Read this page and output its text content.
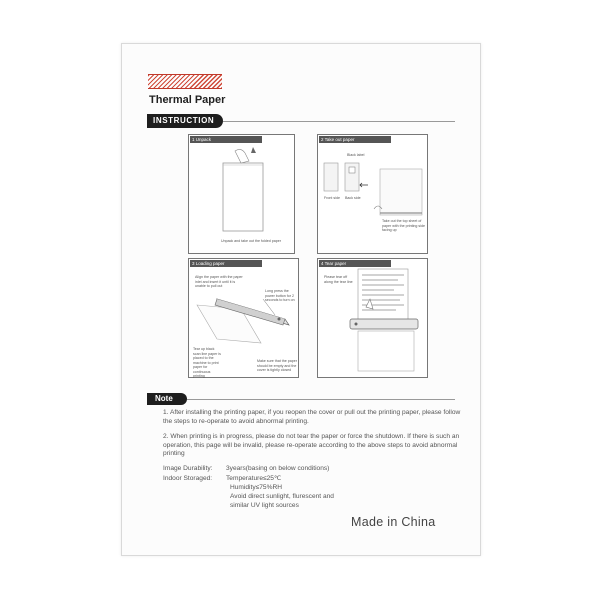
Thermal Paper
INSTRUCTION
1 Unpack
Unpack and take out the folded paper
2 Take out paper
Black label
Front side Back side
Take out the top sheet of paper with the printing side facing up
3 Loading paper
Align the paper with the paper inlet and insert it until it is unable to pull out
Long press the power button for 2 seconds to turn on
Tear up black scan line paper is placed to the machine to print paper for continuous printing
Make sure that the paper should be empty and the cover is tightly closed
4 Tear paper
Please tear off along the tear line
Note
1. After installing the printing paper, if you reopen the cover or pull out the printing paper, please follow the steps to re-operate to avoid abnormal printing.
2. When printing is in progress, please do not tear the paper or force the shutdown. If there is such an operation, this page will be invalid, please re-operate according to the above steps to avoid abnormal printing
Image Durability: 3years(basing on below conditions)
Indoor Storaged: Temperature≤25℃
Humidity≤75%RH
Avoid direct sunlight, flurescent and
similar UV light sources
Made in China
